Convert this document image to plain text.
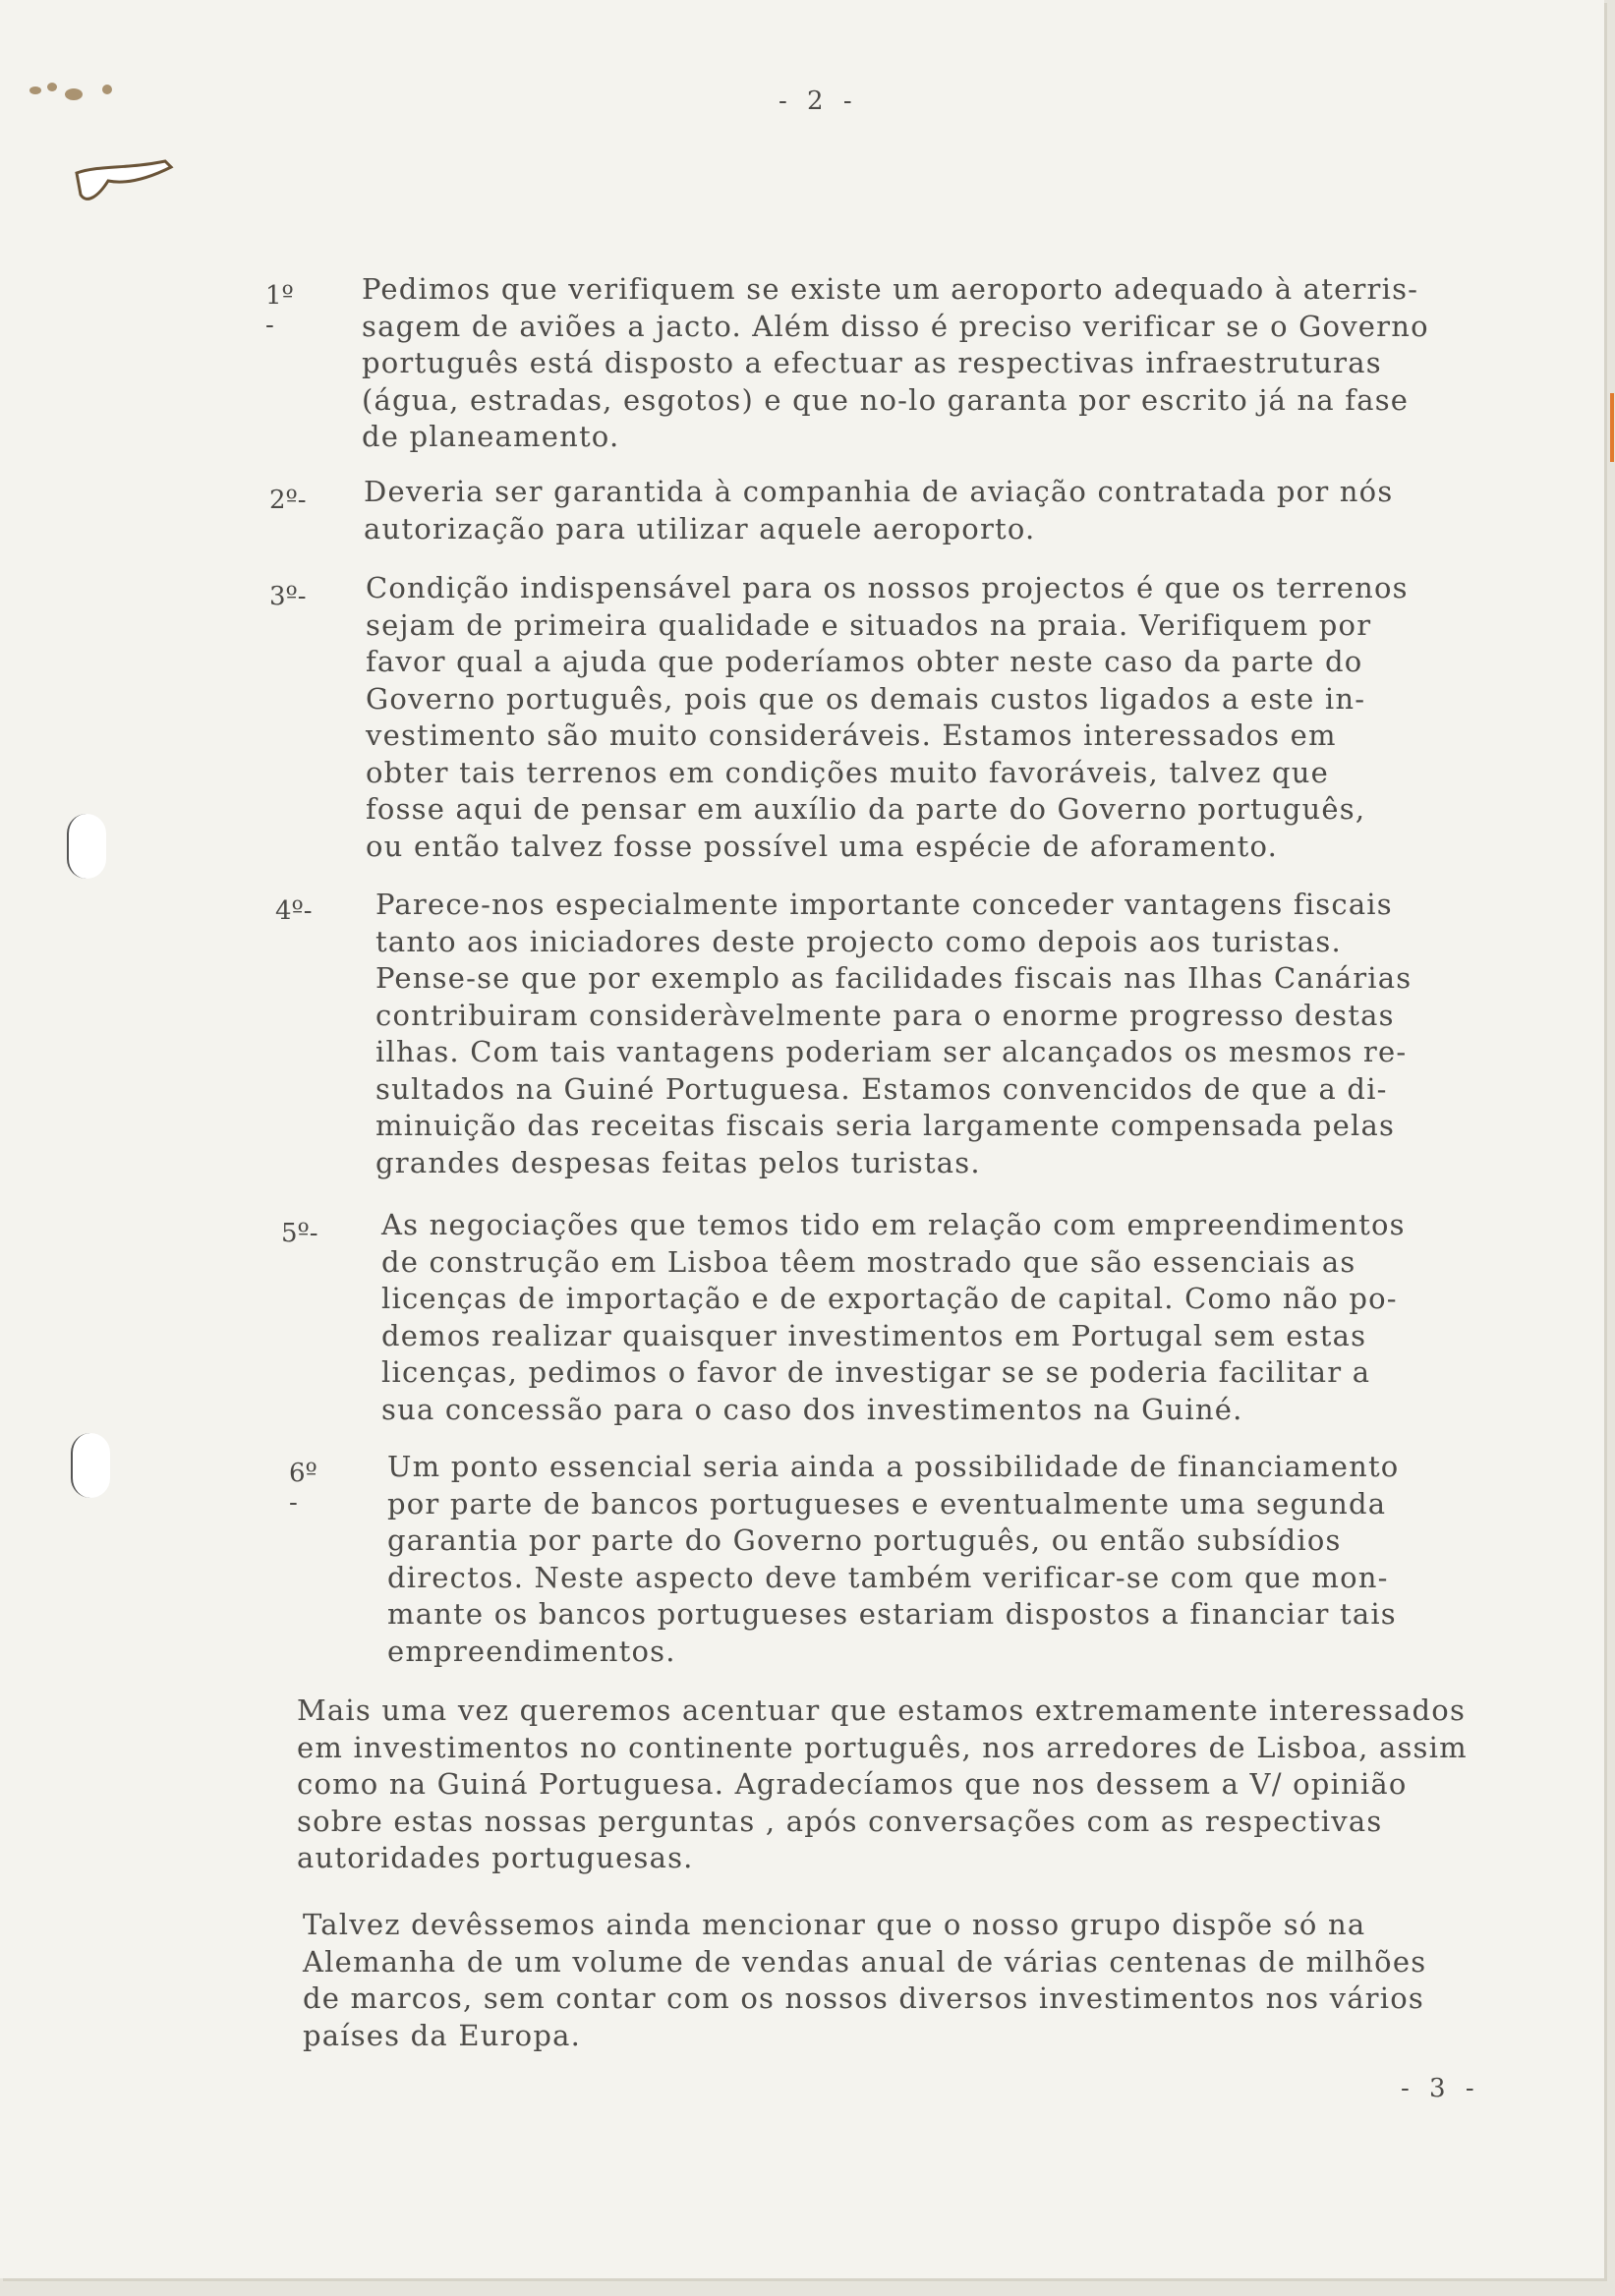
- 2 -
1º -
Pedimos que verifiquem se existe um aeroporto adequado à aterris-
sagem de aviões a jacto. Além disso é preciso verificar se o Governo
português está disposto a efectuar as respectivas infraestruturas
(água, estradas, esgotos) e que no-lo garanta por escrito já na fase
de planeamento.
2º- Deveria ser garantida à companhia de aviação contratada por nós
autorização para utilizar aquele aeroporto.
3º- Condição indispensável para os nossos projectos é que os terrenos
sejam de primeira qualidade e situados na praia. Verifiquem por
favor qual a ajuda que poderíamos obter neste caso da parte do
Governo português, pois que os demais custos ligados a este in-
vestimento são muito consideráveis. Estamos interessados em
obter tais terrenos em condições muito favoráveis, talvez que
fosse aqui de pensar em auxílio da parte do Governo português,
ou então talvez fosse possível uma espécie de aforamento.
4º- Parece-nos especialmente importante conceder vantagens fiscais
tanto aos iniciadores deste projecto como depois aos turistas.
Pense-se que por exemplo as facilidades fiscais nas Ilhas Canárias
contribuiram consideràvelmente para o enorme progresso destas
ilhas. Com tais vantagens poderiam ser alcançados os mesmos re-
sultados na Guiné Portuguesa. Estamos convencidos de que a di-
minuição das receitas fiscais seria largamente compensada pelas
grandes despesas feitas pelos turistas.
5º- As negociações que temos tido em relação com empreendimentos
de construção em Lisboa têem mostrado que são essenciais as
licenças de importação e de exportação de capital. Como não po-
demos realizar quaisquer investimentos em Portugal sem estas
licenças, pedimos o favor de investigar se se poderia facilitar a
sua concessão para o caso dos investimentos na Guiné.
6º -
Um ponto essencial seria ainda a possibilidade de financiamento
por parte de bancos portugueses e eventualmente uma segunda
garantia por parte do Governo português, ou então subsídios
directos. Neste aspecto deve também verificar-se com que mon-
mante os bancos portugueses estariam dispostos a financiar tais
empreendimentos.
Mais uma vez queremos acentuar que estamos extremamente interessados
em investimentos no continente português, nos arredores de Lisboa, assim
como na Guiná Portuguesa. Agradecíamos que nos dessem a V/ opinião
sobre estas nossas perguntas , após conversações com as respectivas
autoridades portuguesas.
Talvez devêssemos ainda mencionar que o nosso grupo dispõe só na
Alemanha de um volume de vendas anual de várias centenas de milhões
de marcos, sem contar com os nossos diversos investimentos nos vários
países da Europa.
- 3 -
